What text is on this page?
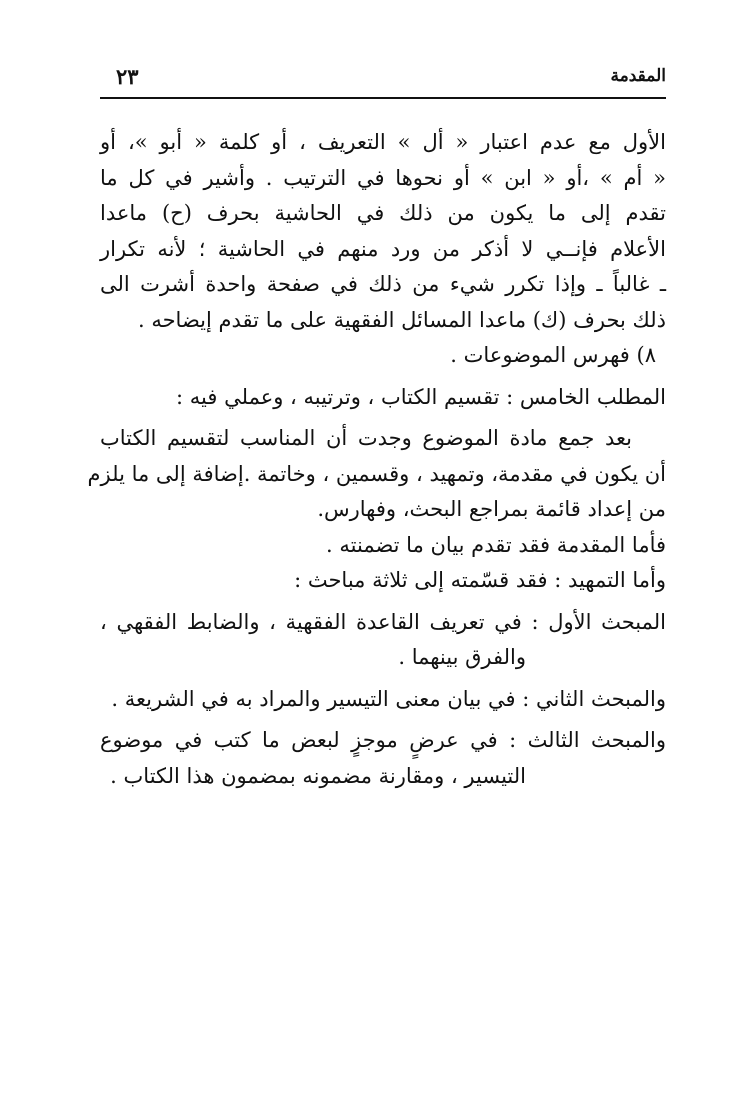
٢٣	المقدمة
الأول مع عدم اعتبار « أل » التعريف ، أو كلمة « أبو »، أو
« أم » ،أو « ابن » أو نحوها في الترتيب . وأشير في كل ما
تقدم إلى ما يكون من ذلك في الحاشية بحرف (ح) ماعدا
الأعلام فإنــي لا أذكر من ورد منهم في الحاشية ؛ لأنه تكرار
ـ غالباً ـ وإذا تكرر شيء من ذلك في صفحة واحدة أشرت الى
ذلك بحرف (ك) ماعدا المسائل الفقهية على ما تقدم إيضاحه .
٨) فهرس الموضوعات .
المطلب الخامس : تقسيم الكتاب ، وترتيبه ، وعملي فيه :
بعد جمع مادة الموضوع وجدت أن المناسب لتقسيم الكتاب
أن يكون في مقدمة، وتمهيد ، وقسمين ، وخاتمة .إضافة إلى ما يلزم
من إعداد قائمة بمراجع البحث، وفهارس.
فأما المقدمة فقد تقدم بيان ما تضمنته .
وأما التمهيد : فقد قسّمته إلى ثلاثة مباحث :
المبحث الأول : في تعريف القاعدة الفقهية ، والضابط الفقهي ،
والفرق بينهما .
والمبحث الثاني : في بيان معنى التيسير والمراد به في الشريعة .
والمبحث الثالث : في عرضٍ موجزٍ لبعض ما كتب في موضوع
التيسير ، ومقارنة مضمونه بمضمون هذا الكتاب .
